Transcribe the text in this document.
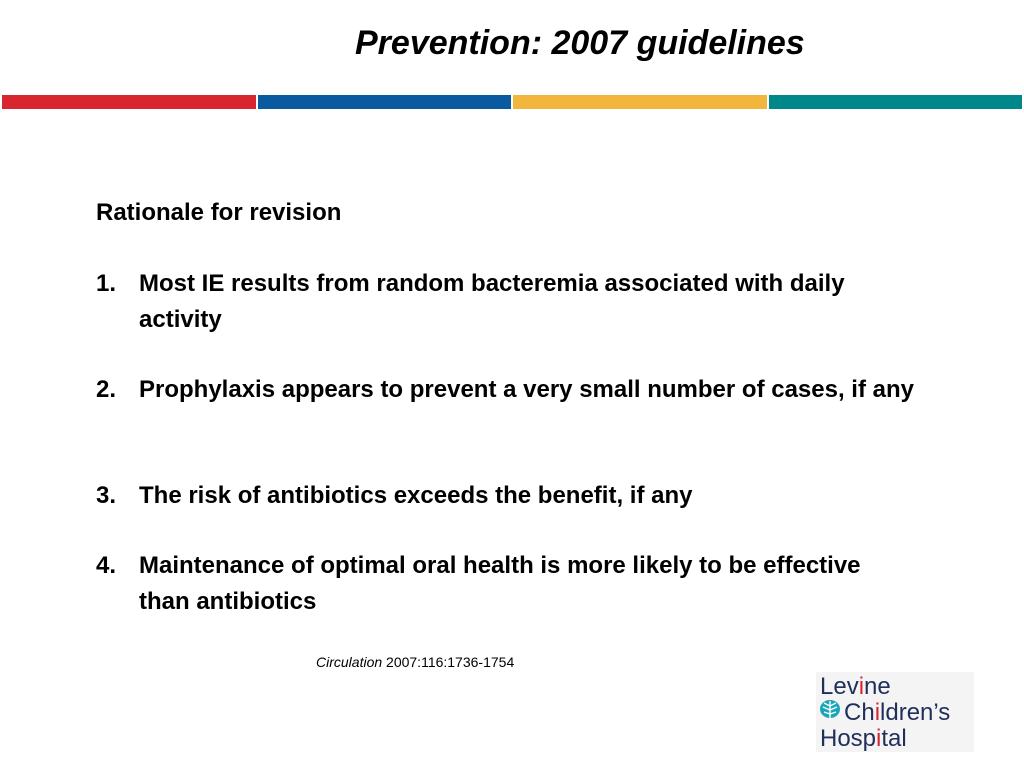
Prevention: 2007 guidelines
Rationale for revision
1. Most IE results from random bacteremia associated with daily activity
2. Prophylaxis appears to prevent a very small number of cases, if any
3. The risk of antibiotics exceeds the benefit, if any
4. Maintenance of optimal oral health is more likely to be effective than antibiotics
Circulation 2007:116:1736-1754
Levine
Children’s
Hospital
